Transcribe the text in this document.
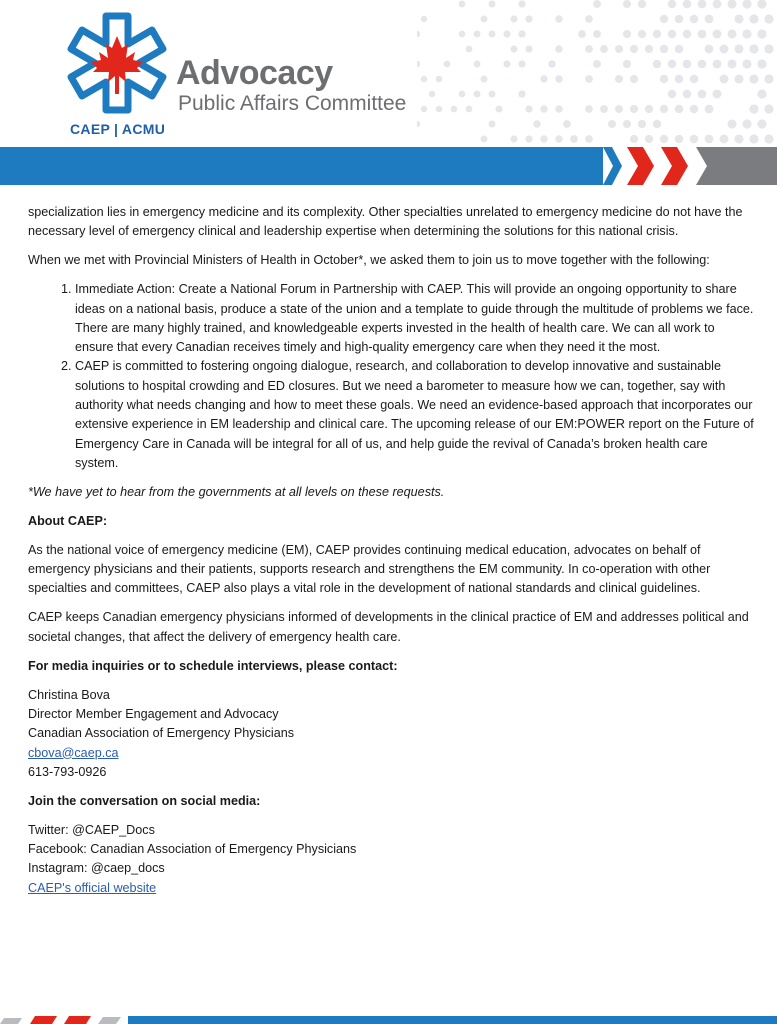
Advocacy
Public Affairs Committee
CAEP | ACMU

specialization lies in emergency medicine and its complexity. Other specialties unrelated to emergency medicine do not have the necessary level of emergency clinical and leadership expertise when determining the solutions for this national crisis.

When we met with Provincial Ministers of Health in October*, we asked them to join us to move together with the following:

1. Immediate Action: Create a National Forum in Partnership with CAEP. This will provide an ongoing opportunity to share ideas on a national basis, produce a state of the union and a template to guide through the multitude of problems we face. There are many highly trained, and knowledgeable experts invested in the health of health care. We can all work to ensure that every Canadian receives timely and high-quality emergency care when they need it the most.
2. CAEP is committed to fostering ongoing dialogue, research, and collaboration to develop innovative and sustainable solutions to hospital crowding and ED closures. But we need a barometer to measure how we can, together, say with authority what needs changing and how to meet these goals. We need an evidence-based approach that incorporates our extensive experience in EM leadership and clinical care. The upcoming release of our EM:POWER report on the Future of Emergency Care in Canada will be integral for all of us, and help guide the revival of Canada’s broken health care system.

*We have yet to hear from the governments at all levels on these requests.

About CAEP:

As the national voice of emergency medicine (EM), CAEP provides continuing medical education, advocates on behalf of emergency physicians and their patients, supports research and strengthens the EM community. In co-operation with other specialties and committees, CAEP also plays a vital role in the development of national standards and clinical guidelines.

CAEP keeps Canadian emergency physicians informed of developments in the clinical practice of EM and addresses political and societal changes, that affect the delivery of emergency health care.

For media inquiries or to schedule interviews, please contact:

Christina Bova
Director Member Engagement and Advocacy
Canadian Association of Emergency Physicians
cbova@caep.ca
613-793-0926

Join the conversation on social media:

Twitter: @CAEP_Docs
Facebook: Canadian Association of Emergency Physicians
Instagram: @caep_docs
CAEP's official website
